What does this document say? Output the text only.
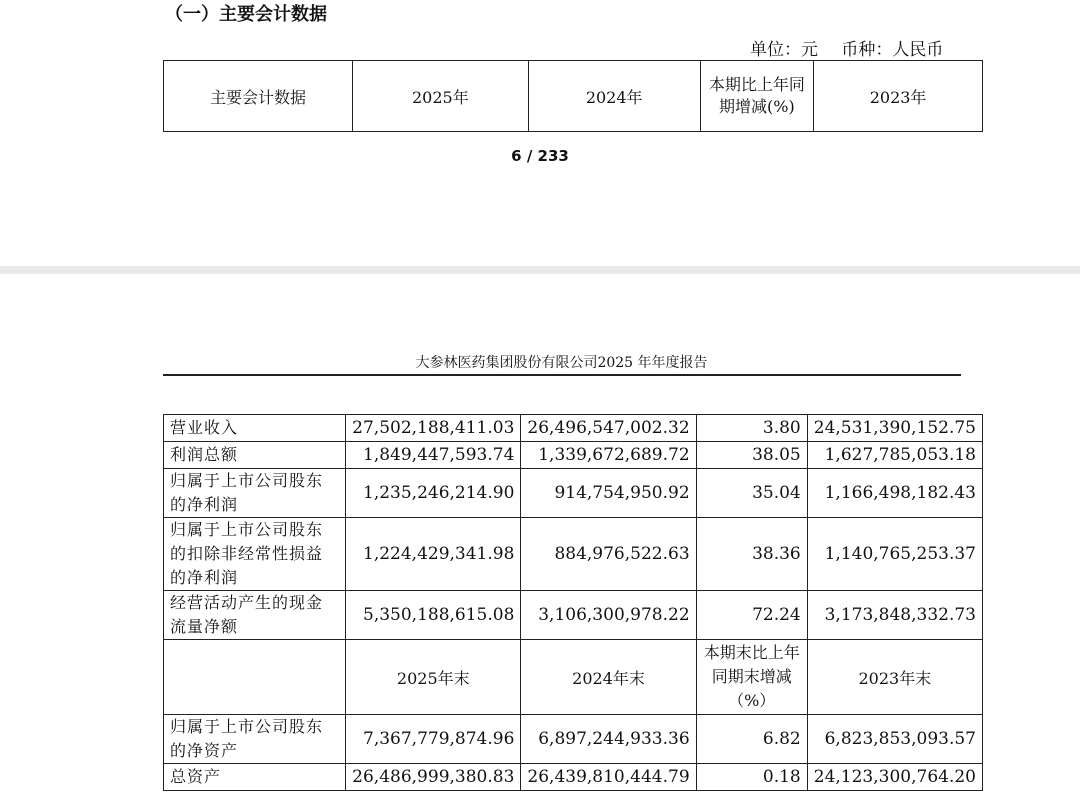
（一）主要会计数据
单位：元 币种：人民币
主要会计数据	2025年	2024年	本期比上年同期增减(%)	2023年
6 / 233
大参林医药集团股份有限公司2025 年年度报告
营业收入	27,502,188,411.03	26,496,547,002.32	3.80	24,531,390,152.75
利润总额	1,849,447,593.74	1,339,672,689.72	38.05	1,627,785,053.18
归属于上市公司股东的净利润	1,235,246,214.90	914,754,950.92	35.04	1,166,498,182.43
归属于上市公司股东的扣除非经常性损益的净利润	1,224,429,341.98	884,976,522.63	38.36	1,140,765,253.37
经营活动产生的现金流量净额	5,350,188,615.08	3,106,300,978.22	72.24	3,173,848,332.73
	2025年末	2024年末	本期末比上年同期末增减（%）	2023年末
归属于上市公司股东的净资产	7,367,779,874.96	6,897,244,933.36	6.82	6,823,853,093.57
总资产	26,486,999,380.83	26,439,810,444.79	0.18	24,123,300,764.20
